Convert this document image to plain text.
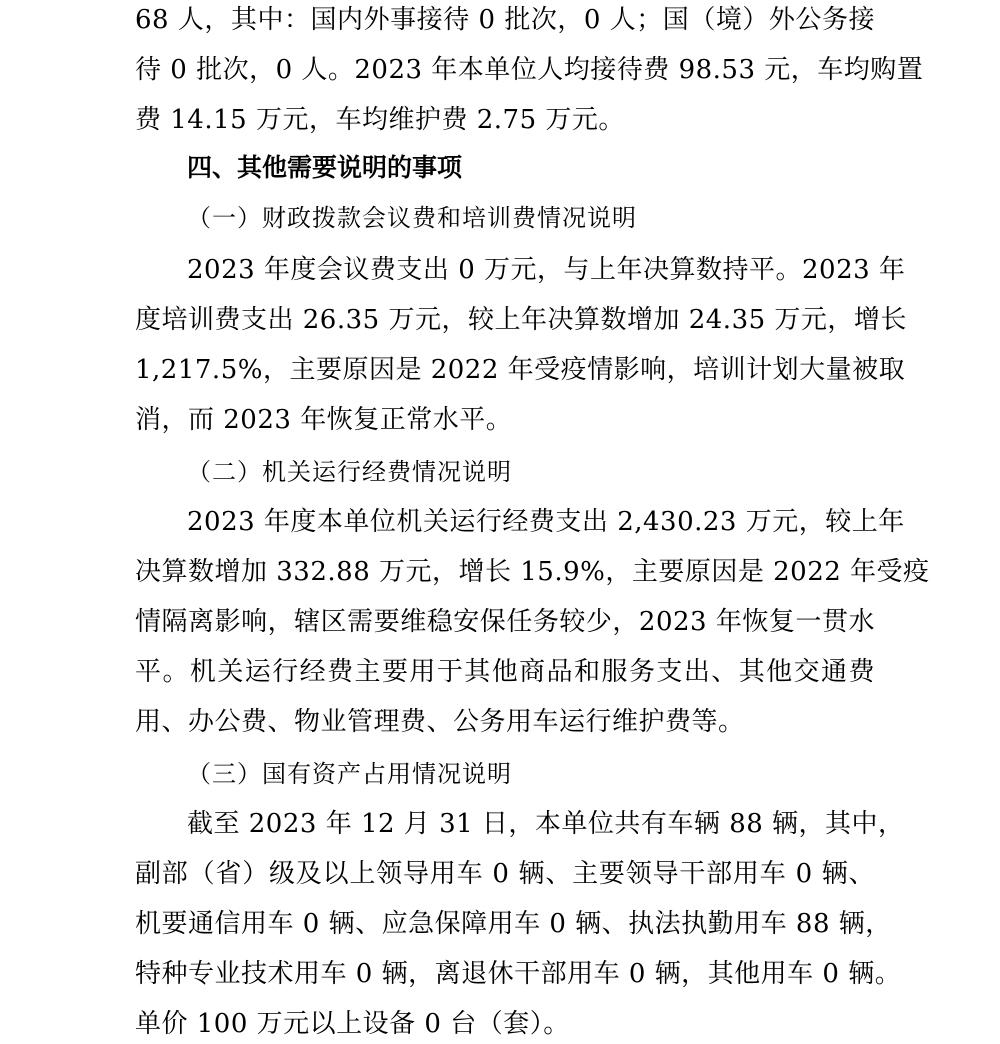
68 人，其中：国内外事接待 0 批次，0 人；国（境）外公务接
待 0 批次，0 人。2023 年本单位人均接待费 98.53 元，车均购置
费 14.15 万元，车均维护费 2.75 万元。
四、其他需要说明的事项
（一）财政拨款会议费和培训费情况说明
2023 年度会议费支出 0 万元，与上年决算数持平。2023 年
度培训费支出 26.35 万元，较上年决算数增加 24.35 万元，增长
1,217.5%，主要原因是 2022 年受疫情影响，培训计划大量被取
消，而 2023 年恢复正常水平。
（二）机关运行经费情况说明
2023 年度本单位机关运行经费支出 2,430.23 万元，较上年
决算数增加 332.88 万元，增长 15.9%，主要原因是 2022 年受疫
情隔离影响，辖区需要维稳安保任务较少，2023 年恢复一贯水
平。机关运行经费主要用于其他商品和服务支出、其他交通费
用、办公费、物业管理费、公务用车运行维护费等。
（三）国有资产占用情况说明
截至 2023 年 12 月 31 日，本单位共有车辆 88 辆，其中，
副部（省）级及以上领导用车 0 辆、主要领导干部用车 0 辆、
机要通信用车 0 辆、应急保障用车 0 辆、执法执勤用车 88 辆，
特种专业技术用车 0 辆，离退休干部用车 0 辆，其他用车 0 辆。
单价 100 万元以上设备 0 台（套）。
